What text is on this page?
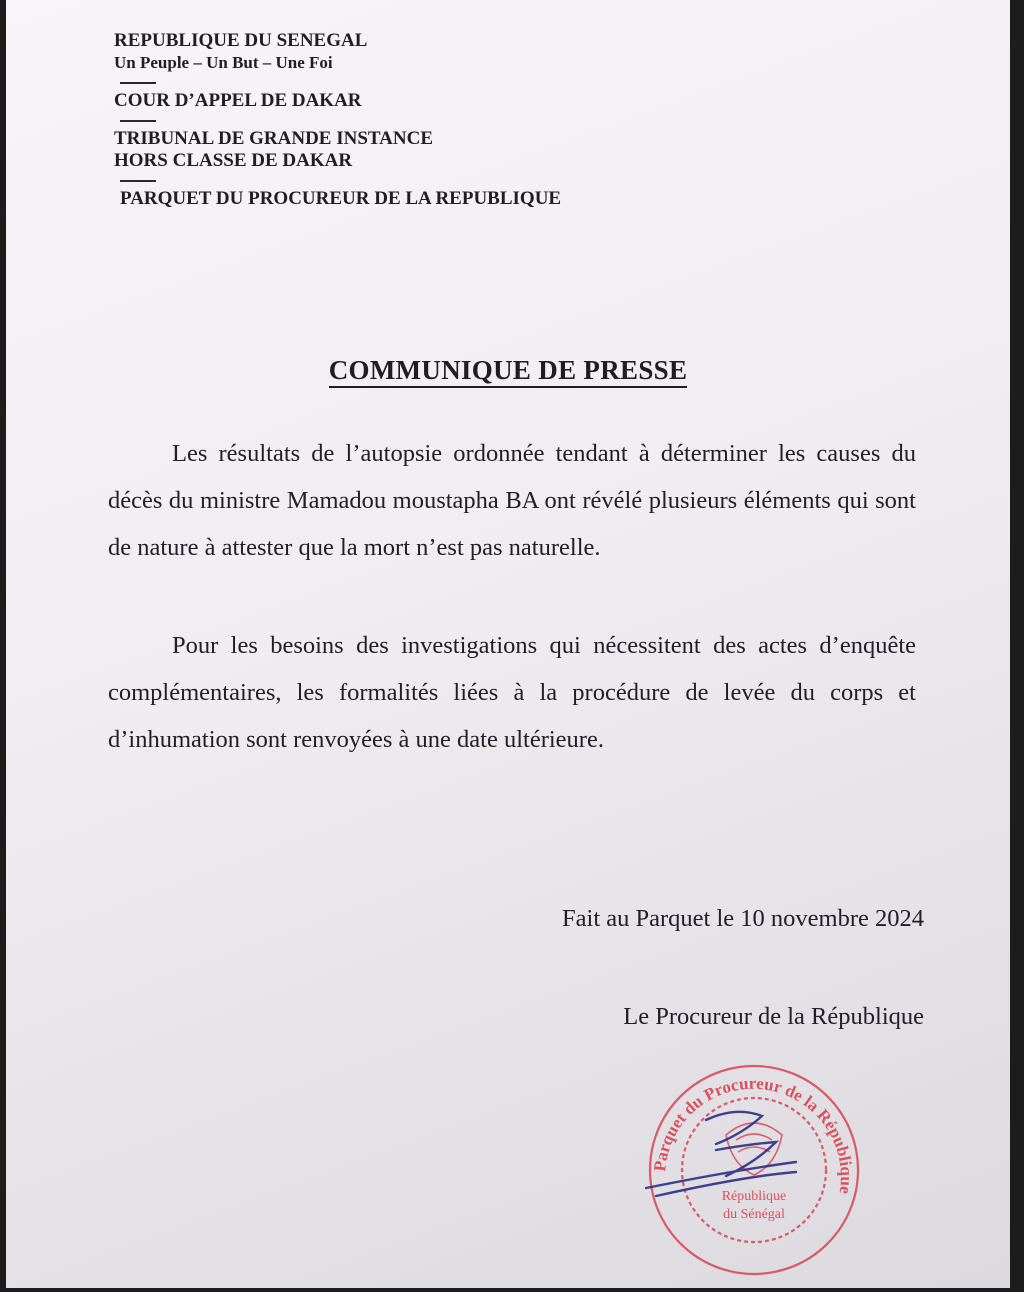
REPUBLIQUE DU SENEGAL
Un Peuple – Un But – Une Foi
COUR D’APPEL DE DAKAR
TRIBUNAL DE GRANDE INSTANCE
HORS CLASSE DE DAKAR
PARQUET DU PROCUREUR DE LA REPUBLIQUE
COMMUNIQUE DE PRESSE

Les résultats de l’autopsie ordonnée tendant à déterminer les causes du décès du ministre Mamadou moustapha BA ont révélé plusieurs éléments qui sont de nature à attester que la mort n’est pas naturelle.

Pour les besoins des investigations qui nécessitent des actes d’enquête complémentaires, les formalités liées à la procédure de levée du corps et d’inhumation sont renvoyées à une date ultérieure.

Fait au Parquet le 10 novembre 2024
Le Procureur de la République
Parquet du Procureur de la République
République
du Sénégal
